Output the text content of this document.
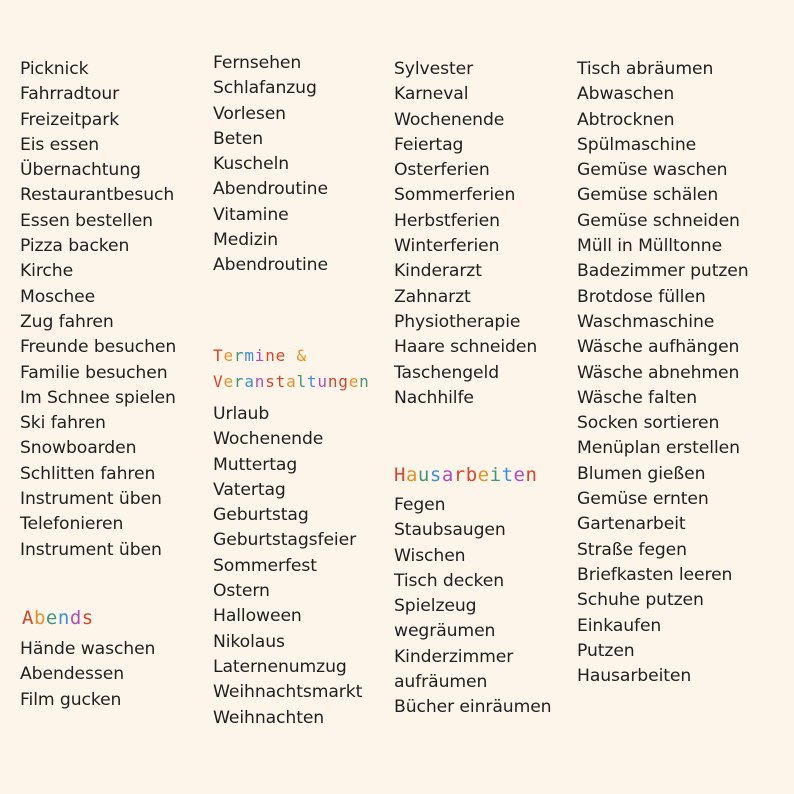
Picknick
Fahrradtour
Freizeitpark
Eis essen
Übernachtung
Restaurantbesuch
Essen bestellen
Pizza backen
Kirche
Moschee
Zug fahren
Freunde besuchen
Familie besuchen
Im Schnee spielen
Ski fahren
Snowboarden
Schlitten fahren
Instrument üben
Telefonieren
Instrument üben
Abends
Hände waschen
Abendessen
Film gucken
Fernsehen
Schlafanzug
Vorlesen
Beten
Kuscheln
Abendroutine
Vitamine
Medizin
Abendroutine
Termine &
Veranstaltungen
Urlaub
Wochenende
Muttertag
Vatertag
Geburtstag
Geburtstagsfeier
Sommerfest
Ostern
Halloween
Nikolaus
Laternenumzug
Weihnachtsmarkt
Weihnachten
Sylvester
Karneval
Wochenende
Feiertag
Osterferien
Sommerferien
Herbstferien
Winterferien
Kinderarzt
Zahnarzt
Physiotherapie
Haare schneiden
Taschengeld
Nachhilfe
Hausarbeiten
Fegen
Staubsaugen
Wischen
Tisch decken
Spielzeug
wegräumen
Kinderzimmer
aufräumen
Bücher einräumen
Tisch abräumen
Abwaschen
Abtrocknen
Spülmaschine
Gemüse waschen
Gemüse schälen
Gemüse schneiden
Müll in Mülltonne
Badezimmer putzen
Brotdose füllen
Waschmaschine
Wäsche aufhängen
Wäsche abnehmen
Wäsche falten
Socken sortieren
Menüplan erstellen
Blumen gießen
Gemüse ernten
Gartenarbeit
Straße fegen
Briefkasten leeren
Schuhe putzen
Einkaufen
Putzen
Hausarbeiten
